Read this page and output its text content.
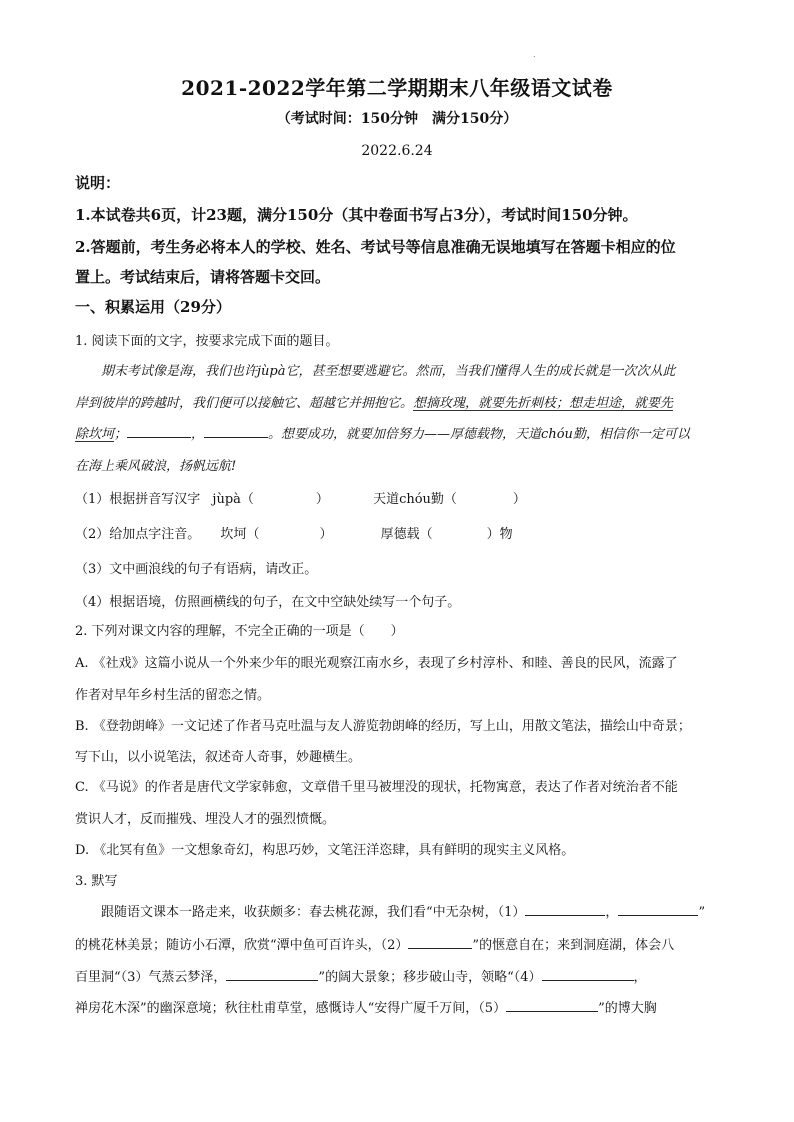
.
2021-2022学年第二学期期末八年级语文试卷
（考试时间：150分钟　满分150分）
2022.6.24
说明：
1.本试卷共6页，计23题，满分150分（其中卷面书写占3分），考试时间150分钟。
2.答题前，考生务必将本人的学校、姓名、考试号等信息准确无误地填写在答题卡相应的位
置上。考试结束后，请将答题卡交回。
一、积累运用（29分）
1. 阅读下面的文字，按要求完成下面的题目。
期末考试像是海，我们也许jùpà它，甚至想要逃避它。然而，当我们懂得人生的成长就是一次次从此
岸到彼岸的跨越时，我们便可以接触它、超越它并拥抱它。想摘玫瑰，就要先折刺枝；想走坦途，就要先
除坎坷；	，	。想要成功，就要加倍努力——厚德载物，天道chóu勤，相信你一定可以
在海上乘风破浪，扬帆远航!
（1）根据拼音写汉字 jùpà（	）	天道chóu勤（	）
（2）给加点字注音。 坎坷（	）	厚德载（	）物
（3）文中画浪线的句子有语病，请改正。
（4）根据语境，仿照画横线的句子，在文中空缺处续写一个句子。
2. 下列对课文内容的理解，不完全正确的一项是（　　）
A. 《社戏》这篇小说从一个外来少年的眼光观察江南水乡，表现了乡村淳朴、和睦、善良的民风，流露了
作者对早年乡村生活的留恋之情。
B. 《登勃朗峰》一文记述了作者马克吐温与友人游览勃朗峰的经历，写上山，用散文笔法，描绘山中奇景；
写下山，以小说笔法，叙述奇人奇事，妙趣横生。
C. 《马说》的作者是唐代文学家韩愈，文章借千里马被埋没的现状，托物寓意，表达了作者对统治者不能
赏识人才，反而摧残、埋没人才的强烈愤慨。
D. 《北冥有鱼》一文想象奇幻，构思巧妙，文笔汪洋恣肆，具有鲜明的现实主义风格。
3. 默写
跟随语文课本一路走来，收获颇多：春去桃花源，我们看“中无杂树，（1）	，	”
的桃花林美景；随访小石潭，欣赏“潭中鱼可百许头，（2）	”的惬意自在；来到洞庭湖，体会八
百里洞“（3）气蒸云梦泽，	”的阔大景象；移步破山寺，领略“（4）	，
禅房花木深”的幽深意境；秋往杜甫草堂，感慨诗人“安得广厦千万间，（5）	”的博大胸
